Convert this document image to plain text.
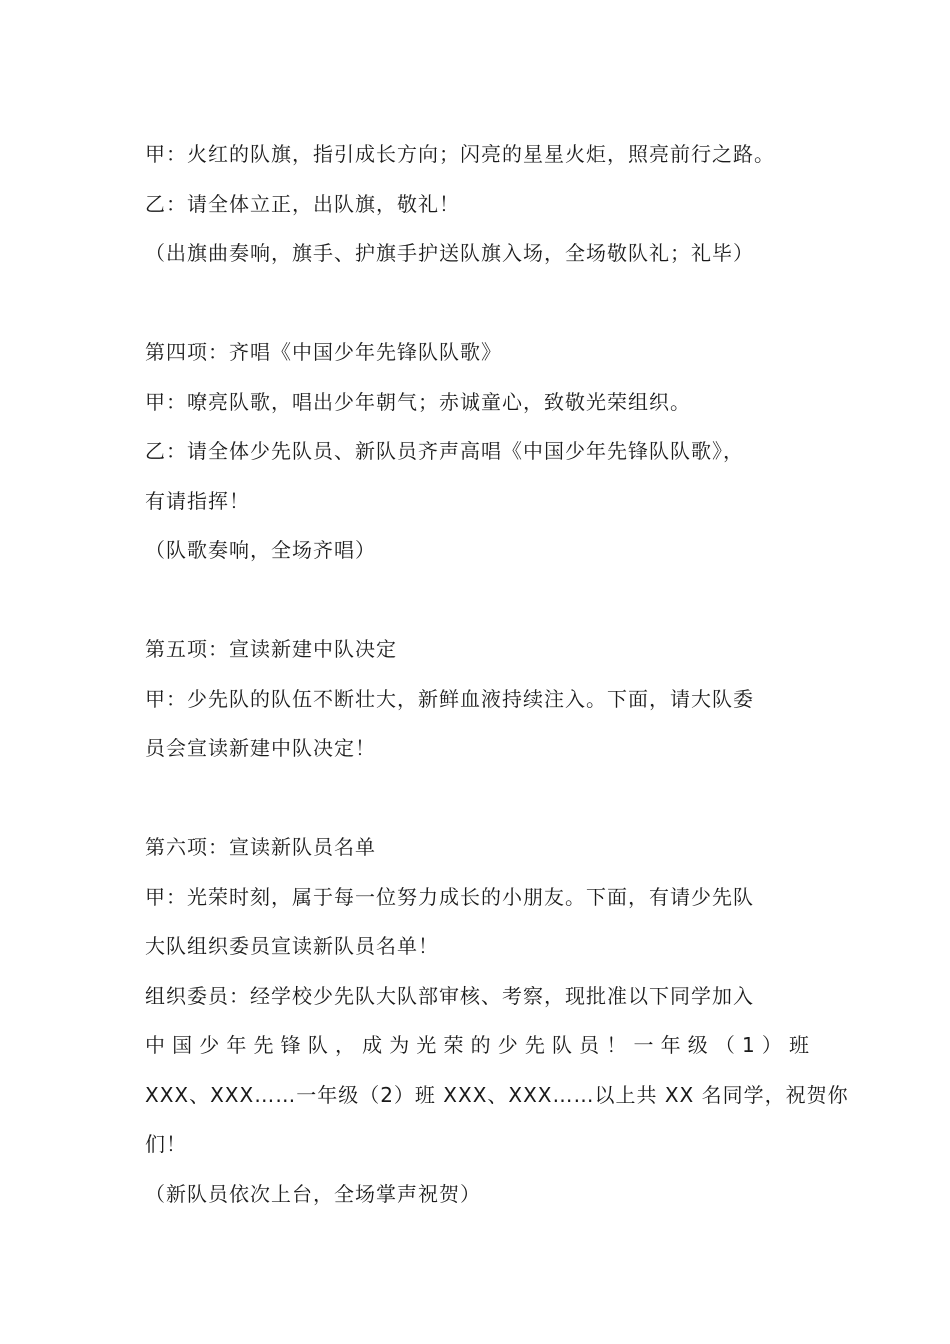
甲：火红的队旗，指引成长方向；闪亮的星星火炬，照亮前行之路。
乙：请全体立正，出队旗，敬礼！
（出旗曲奏响，旗手、护旗手护送队旗入场，全场敬队礼；礼毕）
第四项：齐唱《中国少年先锋队队歌》
甲：嘹亮队歌，唱出少年朝气；赤诚童心，致敬光荣组织。
乙：请全体少先队员、新队员齐声高唱《中国少年先锋队队歌》，
有请指挥！
（队歌奏响，全场齐唱）
第五项：宣读新建中队决定
甲：少先队的队伍不断壮大，新鲜血液持续注入。下面，请大队委
员会宣读新建中队决定！
第六项：宣读新队员名单
甲：光荣时刻，属于每一位努力成长的小朋友。下面，有请少先队
大队组织委员宣读新队员名单！
组织委员：经学校少先队大队部审核、考察，现批准以下同学加入
中国少年先锋队，成为光荣的少先队员！一年级（1）班
XXX、XXX……一年级（2）班 XXX、XXX……以上共 XX 名同学，祝贺你
们！
（新队员依次上台，全场掌声祝贺）
